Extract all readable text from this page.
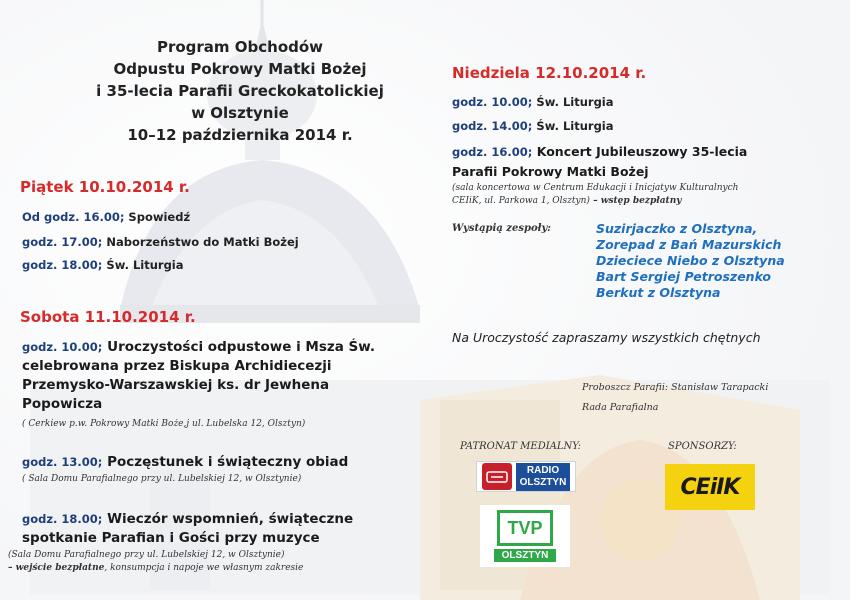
Program Obchodów
Odpustu Pokrowy Matki Bożej
i 35-lecia Parafii Greckokatolickiej
w Olsztynie
10–12 października 2014 r.
Piątek 10.10.2014 r.
Od godz. 16.00; Spowiedź
godz. 17.00; Naborzeństwo do Matki Bożej
godz. 18.00; Św. Liturgia
Sobota 11.10.2014 r.
godz. 10.00; Uroczystości odpustowe i Msza Św.
celebrowana przez Biskupa Archidiecezji
Przemysko-Warszawskiej ks. dr Jewhena
Popowicza
( Cerkiew p.w. Pokrowy Matki Boże,j ul. Lubelska 12, Olsztyn)
godz. 13.00; Poczęstunek i świąteczny obiad
( Sala Domu Parafialnego przy ul. Lubelskiej 12, w Olsztynie)
godz. 18.00; Wieczór wspomnień, świąteczne
spotkanie Parafian i Gości przy muzyce
(Sala Domu Parafialnego przy ul. Lubelskiej 12, w Olsztynie)
– wejście bezpłatne, konsumpcja i napoje we własnym zakresie
Niedziela 12.10.2014 r.
godz. 10.00; Św. Liturgia
godz. 14.00; Św. Liturgia
godz. 16.00; Koncert Jubileuszowy 35-lecia
Parafii Pokrowy Matki Bożej
(sala koncertowa w Centrum Edukacji i Inicjatyw Kulturalnych
CEIiK, ul. Parkowa 1, Olsztyn) – wstęp bezpłatny
Wystąpią zespoły:	Suzirjaczko z Olsztyna,
Zorepad z Bań Mazurskich
Dzieciece Niebo z Olsztyna
Bart Sergiej Petroszenko
Berkut z Olsztyna
Na Uroczystość zapraszamy wszystkich chętnych
Proboszcz Parafii: Stanisław Tarapacki
Rada Parafialna
PATRONAT MEDIALNY:	SPONSORZY:
RADIO
OLSZTYN
TVP
OLSZTYN
CEiIK
